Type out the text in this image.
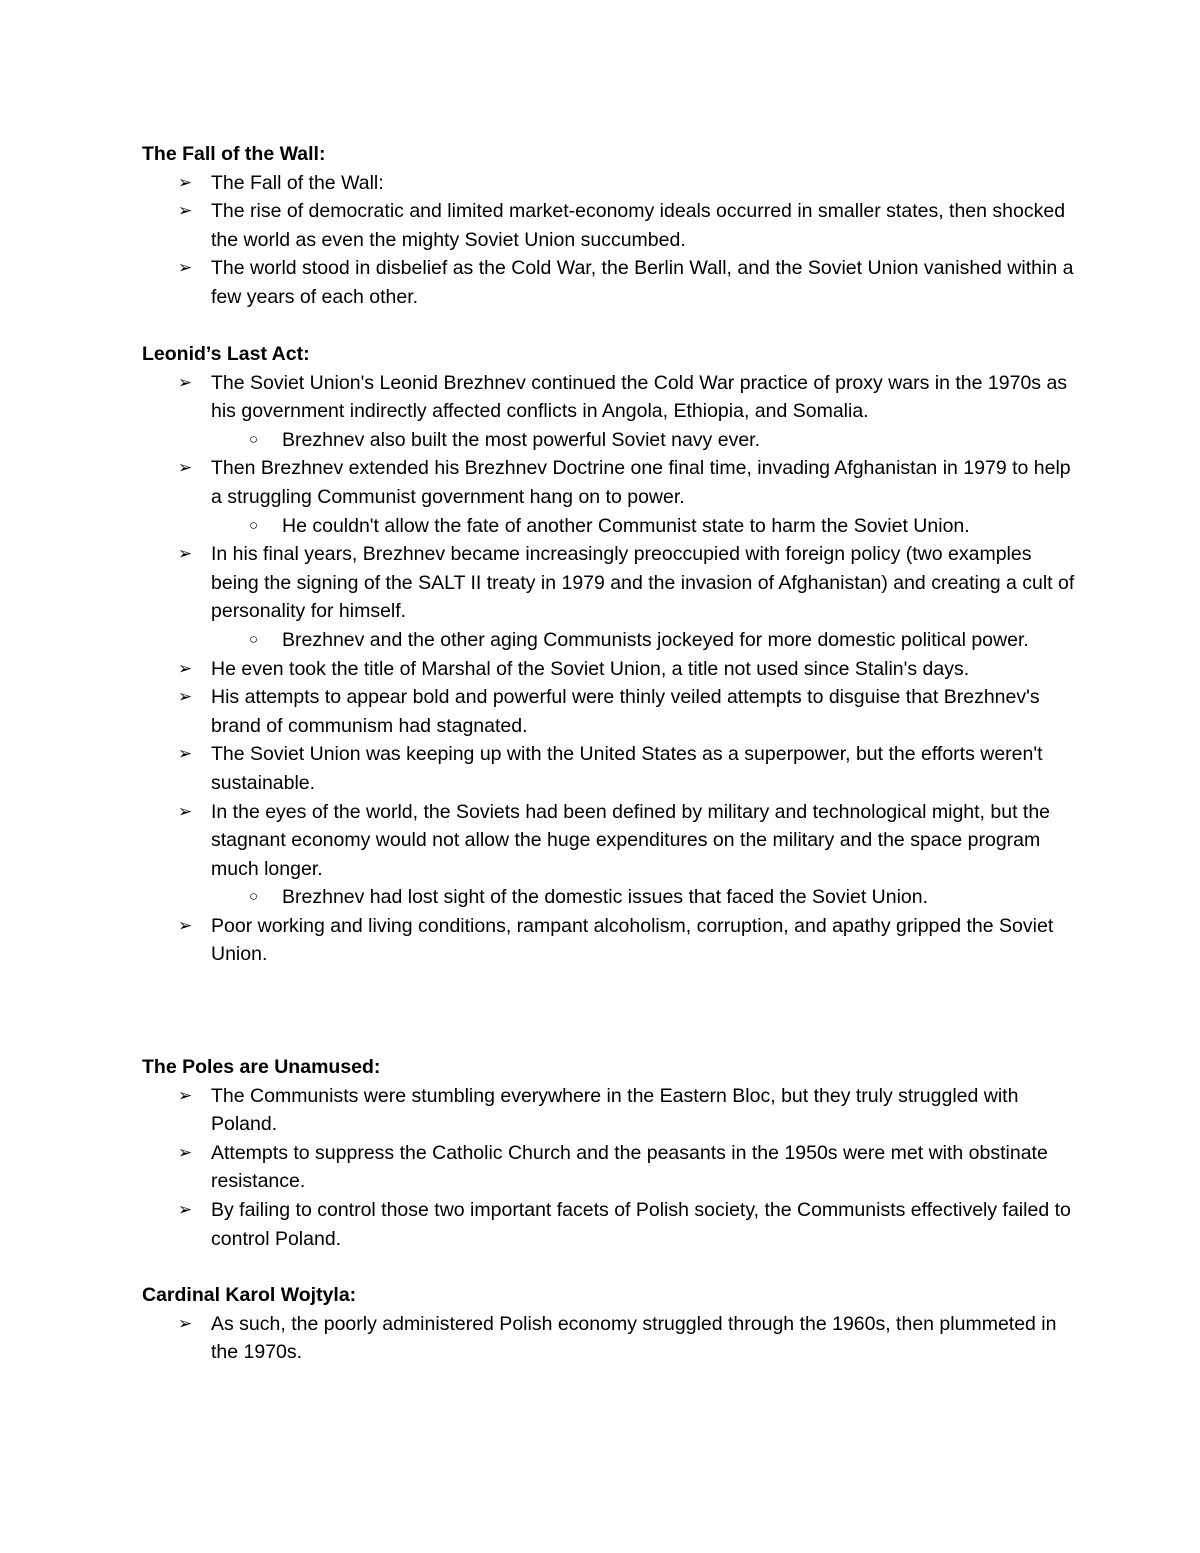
The Fall of the Wall:
➢ The Fall of the Wall:
➢ The rise of democratic and limited market-economy ideals occurred in smaller states, then shocked the world as even the mighty Soviet Union succumbed.
➢ The world stood in disbelief as the Cold War, the Berlin Wall, and the Soviet Union vanished within a few years of each other.
Leonid’s Last Act:
➢ The Soviet Union's Leonid Brezhnev continued the Cold War practice of proxy wars in the 1970s as his government indirectly affected conflicts in Angola, Ethiopia, and Somalia.
○ Brezhnev also built the most powerful Soviet navy ever.
➢ Then Brezhnev extended his Brezhnev Doctrine one final time, invading Afghanistan in 1979 to help a struggling Communist government hang on to power.
○ He couldn't allow the fate of another Communist state to harm the Soviet Union.
➢ In his final years, Brezhnev became increasingly preoccupied with foreign policy (two examples being the signing of the SALT II treaty in 1979 and the invasion of Afghanistan) and creating a cult of personality for himself.
○ Brezhnev and the other aging Communists jockeyed for more domestic political power.
➢ He even took the title of Marshal of the Soviet Union, a title not used since Stalin's days.
➢ His attempts to appear bold and powerful were thinly veiled attempts to disguise that Brezhnev's brand of communism had stagnated.
➢ The Soviet Union was keeping up with the United States as a superpower, but the efforts weren't sustainable.
➢ In the eyes of the world, the Soviets had been defined by military and technological might, but the stagnant economy would not allow the huge expenditures on the military and the space program much longer.
○ Brezhnev had lost sight of the domestic issues that faced the Soviet Union.
➢ Poor working and living conditions, rampant alcoholism, corruption, and apathy gripped the Soviet Union.
The Poles are Unamused:
➢ The Communists were stumbling everywhere in the Eastern Bloc, but they truly struggled with Poland.
➢ Attempts to suppress the Catholic Church and the peasants in the 1950s were met with obstinate resistance.
➢ By failing to control those two important facets of Polish society, the Communists effectively failed to control Poland.
Cardinal Karol Wojtyla:
➢ As such, the poorly administered Polish economy struggled through the 1960s, then plummeted in the 1970s.
